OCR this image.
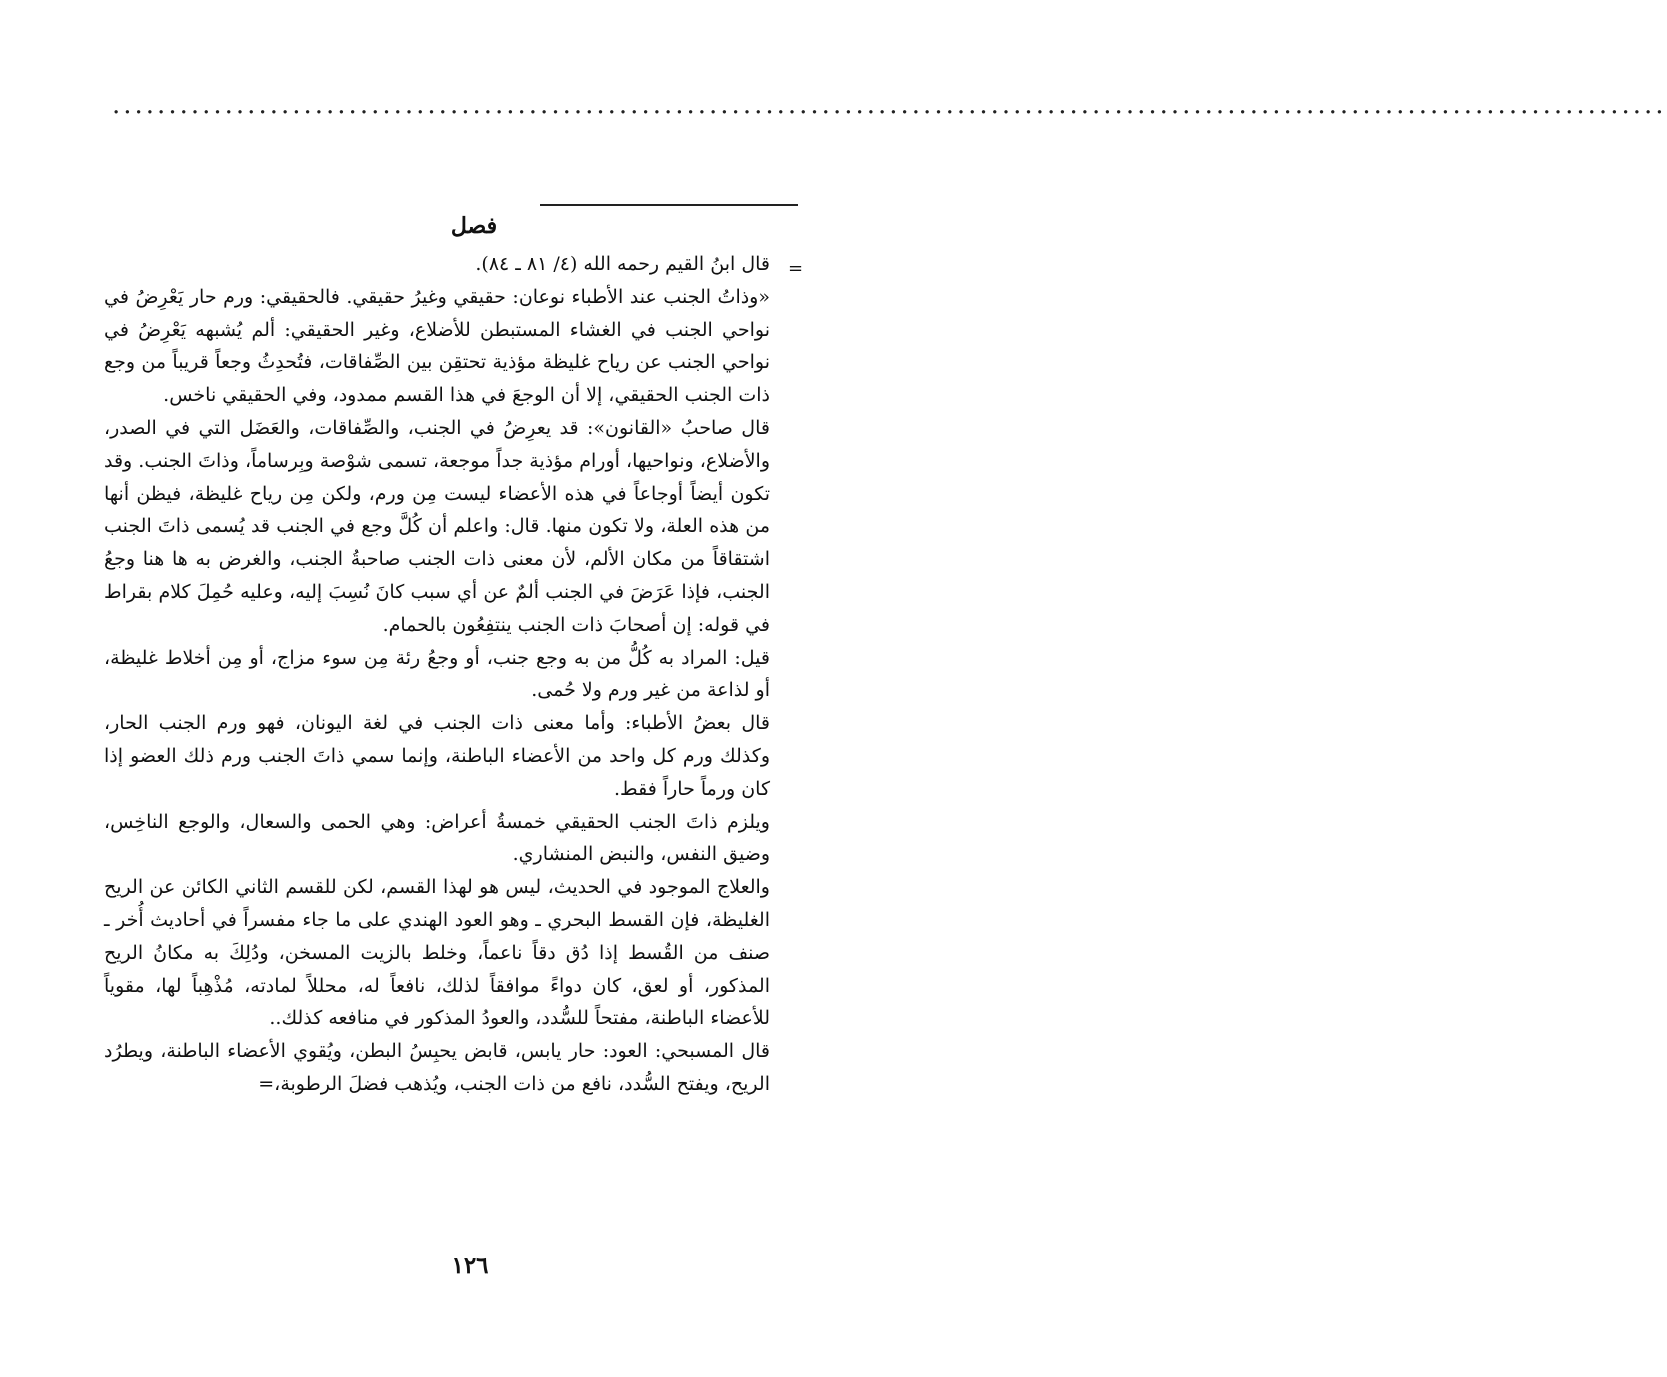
..........................................................................................................................................
فصل
=

قال ابنُ القيم رحمه الله (٤/ ٨١ ـ ٨٤).

«وذاتُ الجنب عند الأطباء نوعان: حقيقي وغيرُ حقيقي. فالحقيقي: ورم حار يَعْرِضُ في نواحي الجنب في الغشاء المستبطن للأضلاع، وغير الحقيقي: ألم يُشبهه يَعْرِضُ في نواحي الجنب عن رياح غليظة مؤذية تحتقِن بين الصِّفاقات، فتُحدِثُ وجعاً قريباً من وجع ذات الجنب الحقيقي، إلا أن الوجعَ في هذا القسم ممدود، وفي الحقيقي ناخس.

قال صاحبُ «القانون»: قد يعرِضُ في الجنب، والصِّفاقات، والعَضَل التي في الصدر، والأضلاع، ونواحيها، أورام مؤذية جداً موجعة، تسمى شوْصة وبِرساماً، وذاتَ الجنب. وقد تكون أيضاً أوجاعاً في هذه الأعضاء ليست مِن ورم، ولكن مِن رياح غليظة، فيظن أنها من هذه العلة، ولا تكون منها. قال: واعلم أن كُلَّ وجع في الجنب قد يُسمى ذاتَ الجنب اشتقاقاً من مكان الألم، لأن معنى ذات الجنب صاحبةُ الجنب، والغرض به ها هنا وجعُ الجنب، فإذا عَرَضَ في الجنب ألمٌ عن أي سبب كانَ نُسِبَ إليه، وعليه حُمِلَ كلام بقراط في قوله: إن أصحابَ ذات الجنب ينتفِعُون بالحمام.

قيل: المراد به كُلُّ من به وجع جنب، أو وجعُ رئة مِن سوء مزاج، أو مِن أخلاط غليظة، أو لذاعة من غير ورم ولا حُمى.

قال بعضُ الأطباء: وأما معنى ذات الجنب في لغة اليونان، فهو ورم الجنب الحار، وكذلك ورم كل واحد من الأعضاء الباطنة، وإنما سمي ذاتَ الجنب ورم ذلك العضو إذا كان ورماً حاراً فقط.

ويلزم ذاتَ الجنب الحقيقي خمسةُ أعراض: وهي الحمى والسعال، والوجع الناخِس، وضيق النفس، والنبض المنشاري.

والعلاج الموجود في الحديث، ليس هو لهذا القسم، لكن للقسم الثاني الكائن عن الريح الغليظة، فإن القسط البحري ـ وهو العود الهندي على ما جاء مفسراً في أحاديث أُخر ـ صنف من القُسط إذا دُق دقاً ناعماً، وخلط بالزيت المسخن، ودُلِكَ به مكانُ الريح المذكور، أو لعق، كان دواءً موافقاً لذلك، نافعاً له، محللاً لمادته، مُذْهِباً لها، مقوياً للأعضاء الباطنة، مفتحاً للسُّدد، والعودُ المذكور في منافعه كذلك..

قال المسبحي: العود: حار يابس، قابض يحبِسُ البطن، ويُقوي الأعضاء الباطنة، ويطرُد الريح، ويفتح السُّدد، نافع من ذات الجنب، ويُذهب فضلَ الرطوبة،=

١٢٦
